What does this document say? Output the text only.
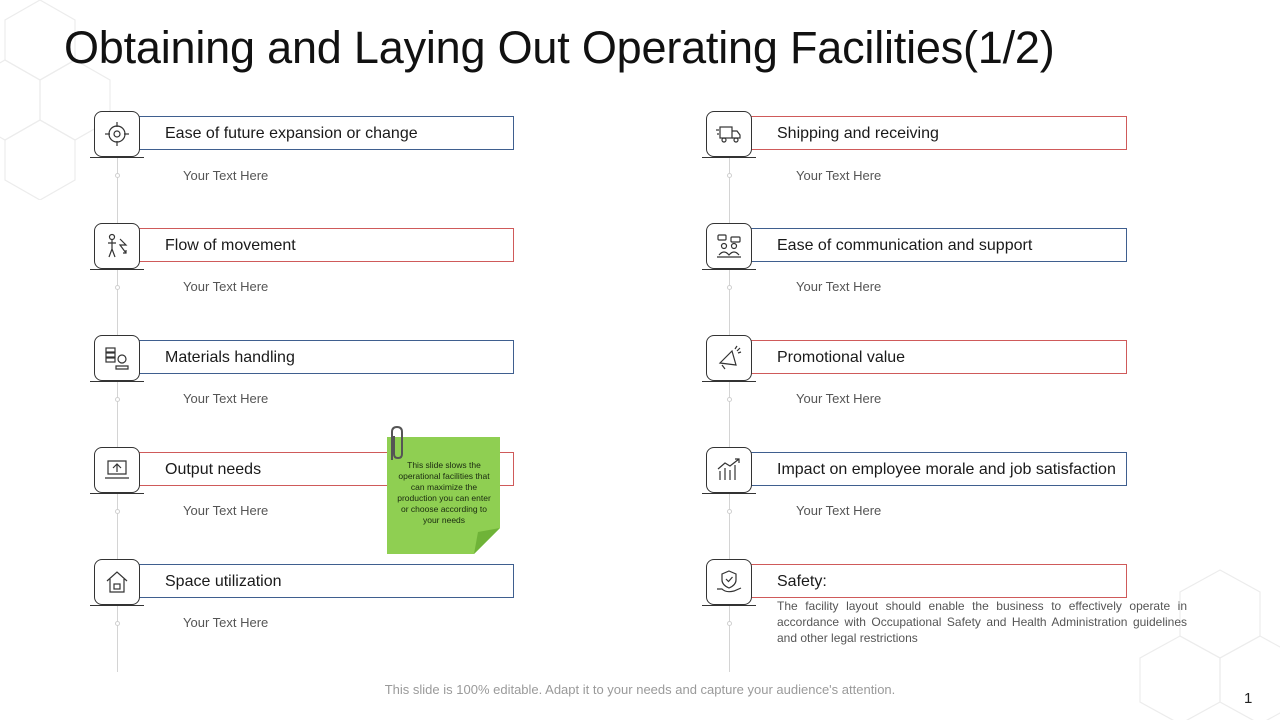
Obtaining and Laying Out Operating Facilities(1/2)
Ease of future expansion or change
Your Text Here
Flow of movement
Your Text Here
Materials handling
Your Text Here
Output needs
Your Text Here
Space utilization
Your Text Here
Shipping and receiving
Your Text Here
Ease of communication and support
Your Text Here
Promotional value
Your Text Here
Impact on employee morale and job satisfaction
Your Text Here
Safety:
The facility layout should enable the business to effectively operate in accordance with Occupational Safety and Health Administration guidelines and other legal restrictions
This slide slows the operational facilities that can maximize the production you can enter or choose according to your needs
This slide is 100% editable. Adapt it to your needs and capture your audience's attention.
1
